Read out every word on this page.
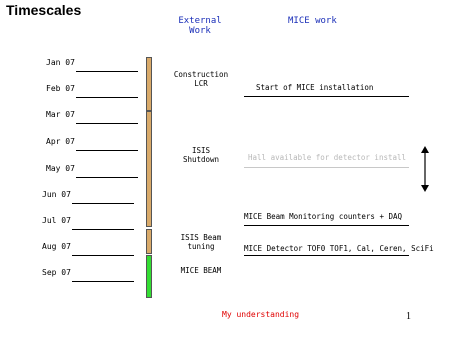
Timescales
External
Work
MICE work
Jan 07
Feb 07
Mar 07
Apr 07
May 07
Jun 07
Jul 07
Aug 07
Sep 07
Construction
LCR
ISIS
Shutdown
ISIS Beam
tuning
MICE BEAM
Start of MICE installation
Hall available for detector install
MICE Beam Monitoring counters + DAQ
MICE Detector TOF0 TOF1, Cal, Ceren, SciFi
My understanding	1
